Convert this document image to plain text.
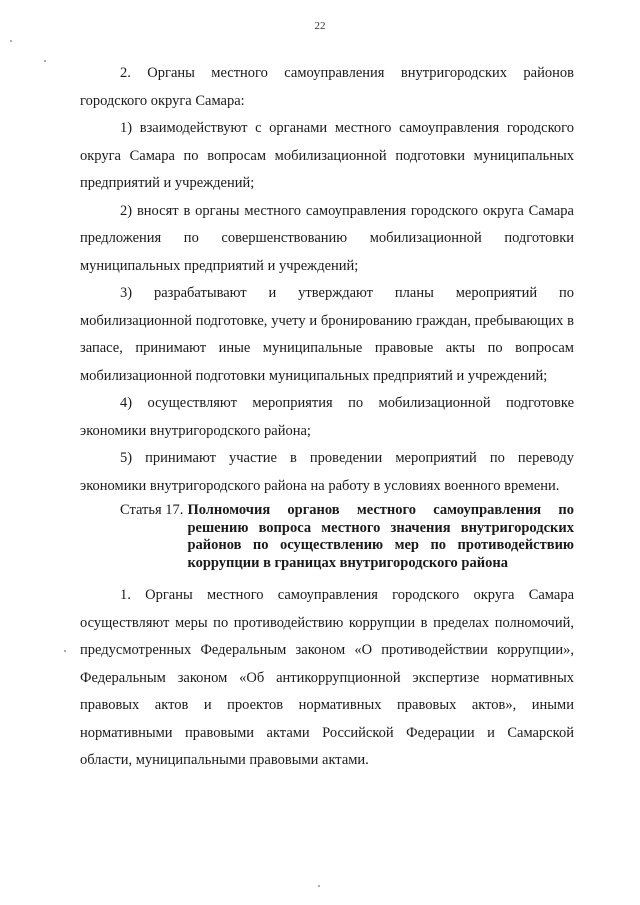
22

2. Органы местного самоуправления внутригородских районов городского округа Самара:

1) взаимодействуют с органами местного самоуправления городского округа Самара по вопросам мобилизационной подготовки муниципальных предприятий и учреждений;

2) вносят в органы местного самоуправления городского округа Самара предложения по совершенствованию мобилизационной подготовки муниципальных предприятий и учреждений;

3) разрабатывают и утверждают планы мероприятий по мобилизационной подготовке, учету и бронированию граждан, пребывающих в запасе, принимают иные муниципальные правовые акты по вопросам мобилизационной подготовки муниципальных предприятий и учреждений;

4) осуществляют мероприятия по мобилизационной подготовке экономики внутригородского района;

5) принимают участие в проведении мероприятий по переводу экономики внутригородского района на работу в условиях военного времени.

Статья 17. Полномочия органов местного самоуправления по решению вопроса местного значения внутригородских районов по осуществлению мер по противодействию коррупции в границах внутригородского района

1. Органы местного самоуправления городского округа Самара осуществляют меры по противодействию коррупции в пределах полномочий, предусмотренных Федеральным законом «О противодействии коррупции», Федеральным законом «Об антикоррупционной экспертизе нормативных правовых актов и проектов нормативных правовых актов», иными нормативными правовыми актами Российской Федерации и Самарской области, муниципальными правовыми актами.
